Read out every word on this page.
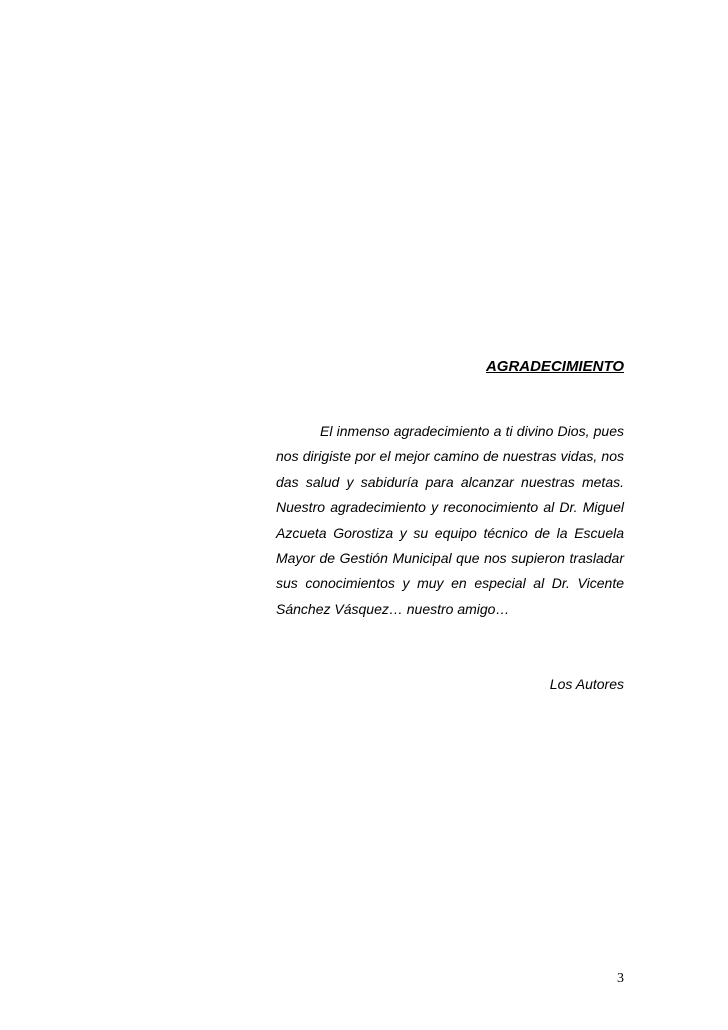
AGRADECIMIENTO

El inmenso agradecimiento a ti divino Dios, pues nos dirigiste por el mejor camino de nuestras vidas, nos das salud y sabiduría para alcanzar nuestras metas. Nuestro agradecimiento y reconocimiento al Dr. Miguel Azcueta Gorostiza y su equipo técnico de la Escuela Mayor de Gestión Municipal que nos supieron trasladar sus conocimientos y muy en especial al Dr. Vicente Sánchez Vásquez… nuestro amigo…

Los Autores

3
